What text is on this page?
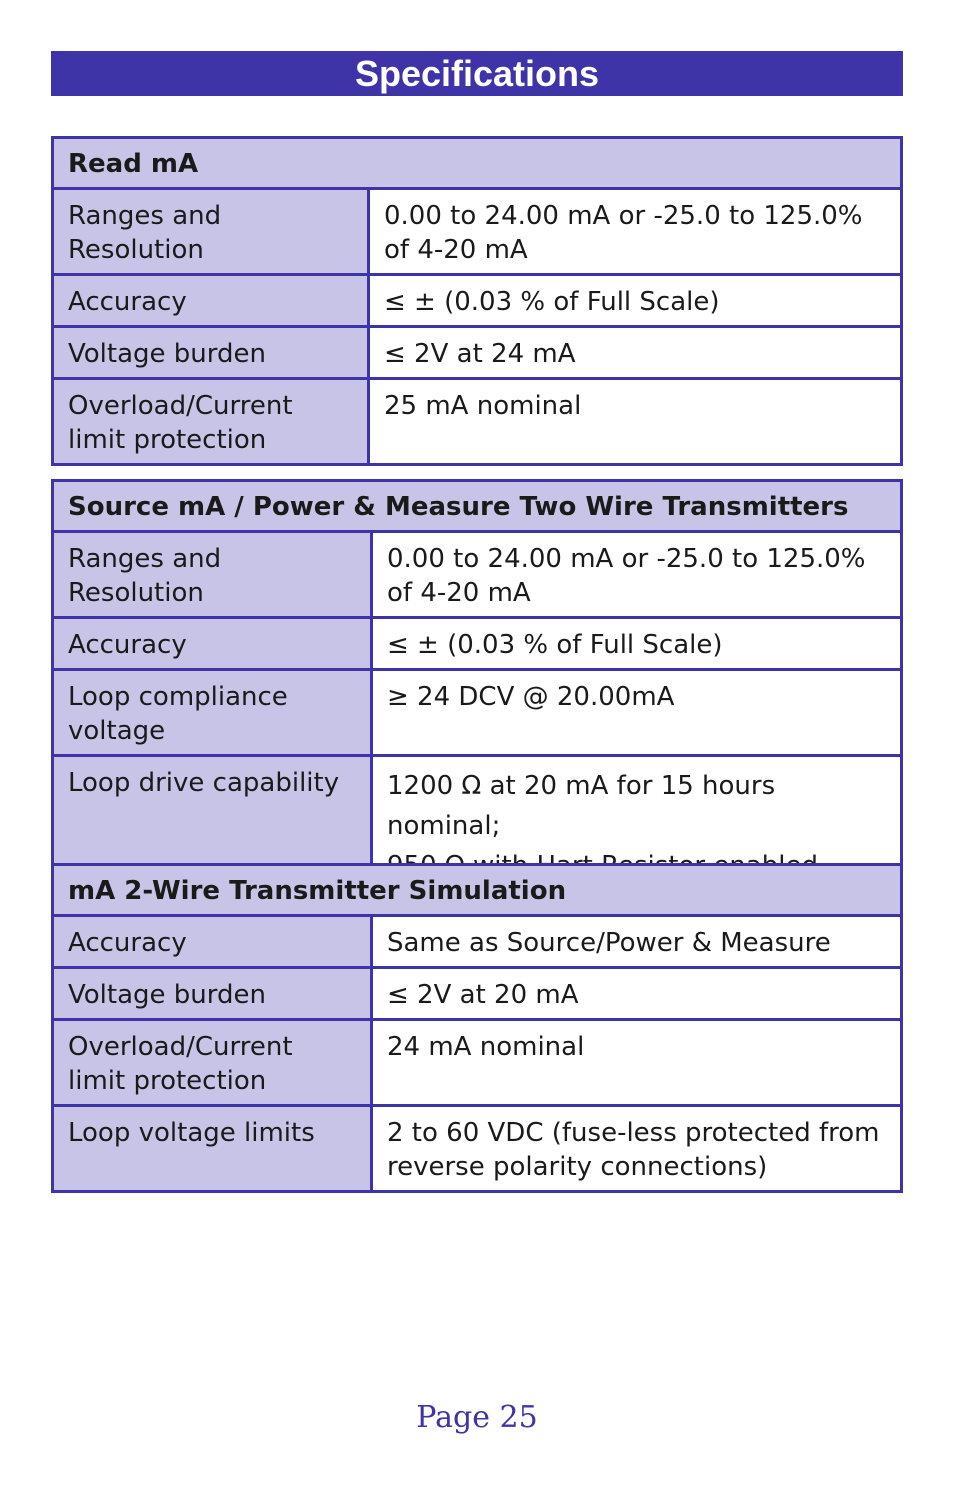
Specifications
Read mA	
Ranges and Resolution	0.00 to 24.00 mA or -25.0 to 125.0% of 4-20 mA
Accuracy	≤ ± (0.03 % of Full Scale)
Voltage burden	≤ 2V at 24 mA
Overload/Current limit protection	25 mA nominal
Source mA / Power & Measure Two Wire Transmitters	
Ranges and Resolution	0.00 to 24.00 mA or -25.0 to 125.0% of 4-20 mA
Accuracy	≤ ± (0.03 % of Full Scale)
Loop compliance voltage	≥ 24 DCV @ 20.00mA
Loop drive capability	1200 Ω at 20 mA for 15 hours nominal;
mA 2-Wire Transmitter Simulation	
Accuracy	Same as Source/Power & Measure
Voltage burden	≤ 2V at 20 mA
Overload/Current limit protection	24 mA nominal
Loop voltage limits	2 to 60 VDC (fuse-less protected from reverse polarity connections)
Page 25
